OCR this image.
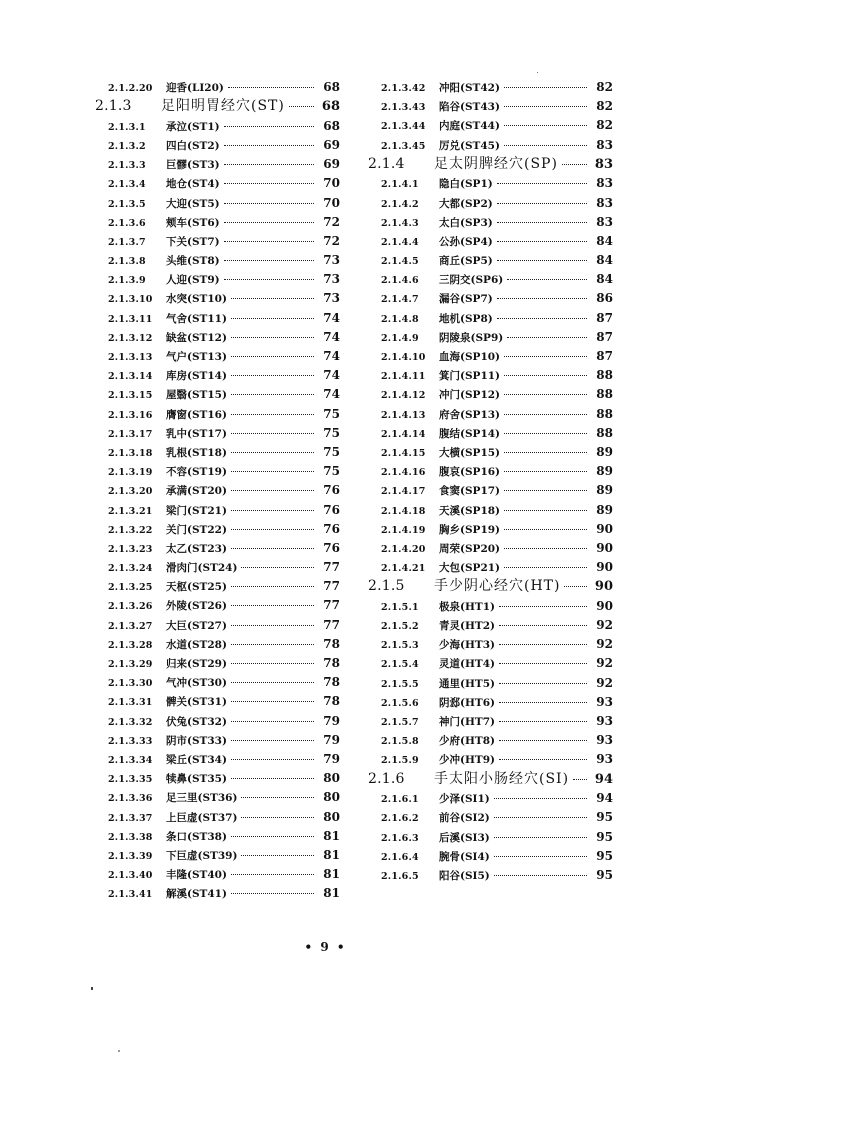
2.1.2.20	迎香(LI20)	68
2.1.3	足阳明胃经穴(ST)	68
2.1.3.1	承泣(ST1)	68
2.1.3.2	四白(ST2)	69
2.1.3.3	巨髎(ST3)	69
2.1.3.4	地仓(ST4)	70
2.1.3.5	大迎(ST5)	70
2.1.3.6	颊车(ST6)	72
2.1.3.7	下关(ST7)	72
2.1.3.8	头维(ST8)	73
2.1.3.9	人迎(ST9)	73
2.1.3.10	水突(ST10)	73
2.1.3.11	气舍(ST11)	74
2.1.3.12	缺盆(ST12)	74
2.1.3.13	气户(ST13)	74
2.1.3.14	库房(ST14)	74
2.1.3.15	屋翳(ST15)	74
2.1.3.16	膺窗(ST16)	75
2.1.3.17	乳中(ST17)	75
2.1.3.18	乳根(ST18)	75
2.1.3.19	不容(ST19)	75
2.1.3.20	承满(ST20)	76
2.1.3.21	梁门(ST21)	76
2.1.3.22	关门(ST22)	76
2.1.3.23	太乙(ST23)	76
2.1.3.24	滑肉门(ST24)	77
2.1.3.25	天枢(ST25)	77
2.1.3.26	外陵(ST26)	77
2.1.3.27	大巨(ST27)	77
2.1.3.28	水道(ST28)	78
2.1.3.29	归来(ST29)	78
2.1.3.30	气冲(ST30)	78
2.1.3.31	髀关(ST31)	78
2.1.3.32	伏兔(ST32)	79
2.1.3.33	阴市(ST33)	79
2.1.3.34	梁丘(ST34)	79
2.1.3.35	犊鼻(ST35)	80
2.1.3.36	足三里(ST36)	80
2.1.3.37	上巨虚(ST37)	80
2.1.3.38	条口(ST38)	81
2.1.3.39	下巨虚(ST39)	81
2.1.3.40	丰隆(ST40)	81
2.1.3.41	解溪(ST41)	81
2.1.3.42	冲阳(ST42)	82
2.1.3.43	陷谷(ST43)	82
2.1.3.44	内庭(ST44)	82
2.1.3.45	厉兑(ST45)	83
2.1.4	足太阴脾经穴(SP)	83
2.1.4.1	隐白(SP1)	83
2.1.4.2	大都(SP2)	83
2.1.4.3	太白(SP3)	83
2.1.4.4	公孙(SP4)	84
2.1.4.5	商丘(SP5)	84
2.1.4.6	三阴交(SP6)	84
2.1.4.7	漏谷(SP7)	86
2.1.4.8	地机(SP8)	87
2.1.4.9	阴陵泉(SP9)	87
2.1.4.10	血海(SP10)	87
2.1.4.11	箕门(SP11)	88
2.1.4.12	冲门(SP12)	88
2.1.4.13	府舍(SP13)	88
2.1.4.14	腹结(SP14)	88
2.1.4.15	大横(SP15)	89
2.1.4.16	腹哀(SP16)	89
2.1.4.17	食窦(SP17)	89
2.1.4.18	天溪(SP18)	89
2.1.4.19	胸乡(SP19)	90
2.1.4.20	周荣(SP20)	90
2.1.4.21	大包(SP21)	90
2.1.5	手少阴心经穴(HT)	90
2.1.5.1	极泉(HT1)	90
2.1.5.2	青灵(HT2)	92
2.1.5.3	少海(HT3)	92
2.1.5.4	灵道(HT4)	92
2.1.5.5	通里(HT5)	92
2.1.5.6	阴郄(HT6)	93
2.1.5.7	神门(HT7)	93
2.1.5.8	少府(HT8)	93
2.1.5.9	少冲(HT9)	93
2.1.6	手太阳小肠经穴(SI)	94
2.1.6.1	少泽(SI1)	94
2.1.6.2	前谷(SI2)	95
2.1.6.3	后溪(SI3)	95
2.1.6.4	腕骨(SI4)	95
2.1.6.5	阳谷(SI5)	95
• 9 •
